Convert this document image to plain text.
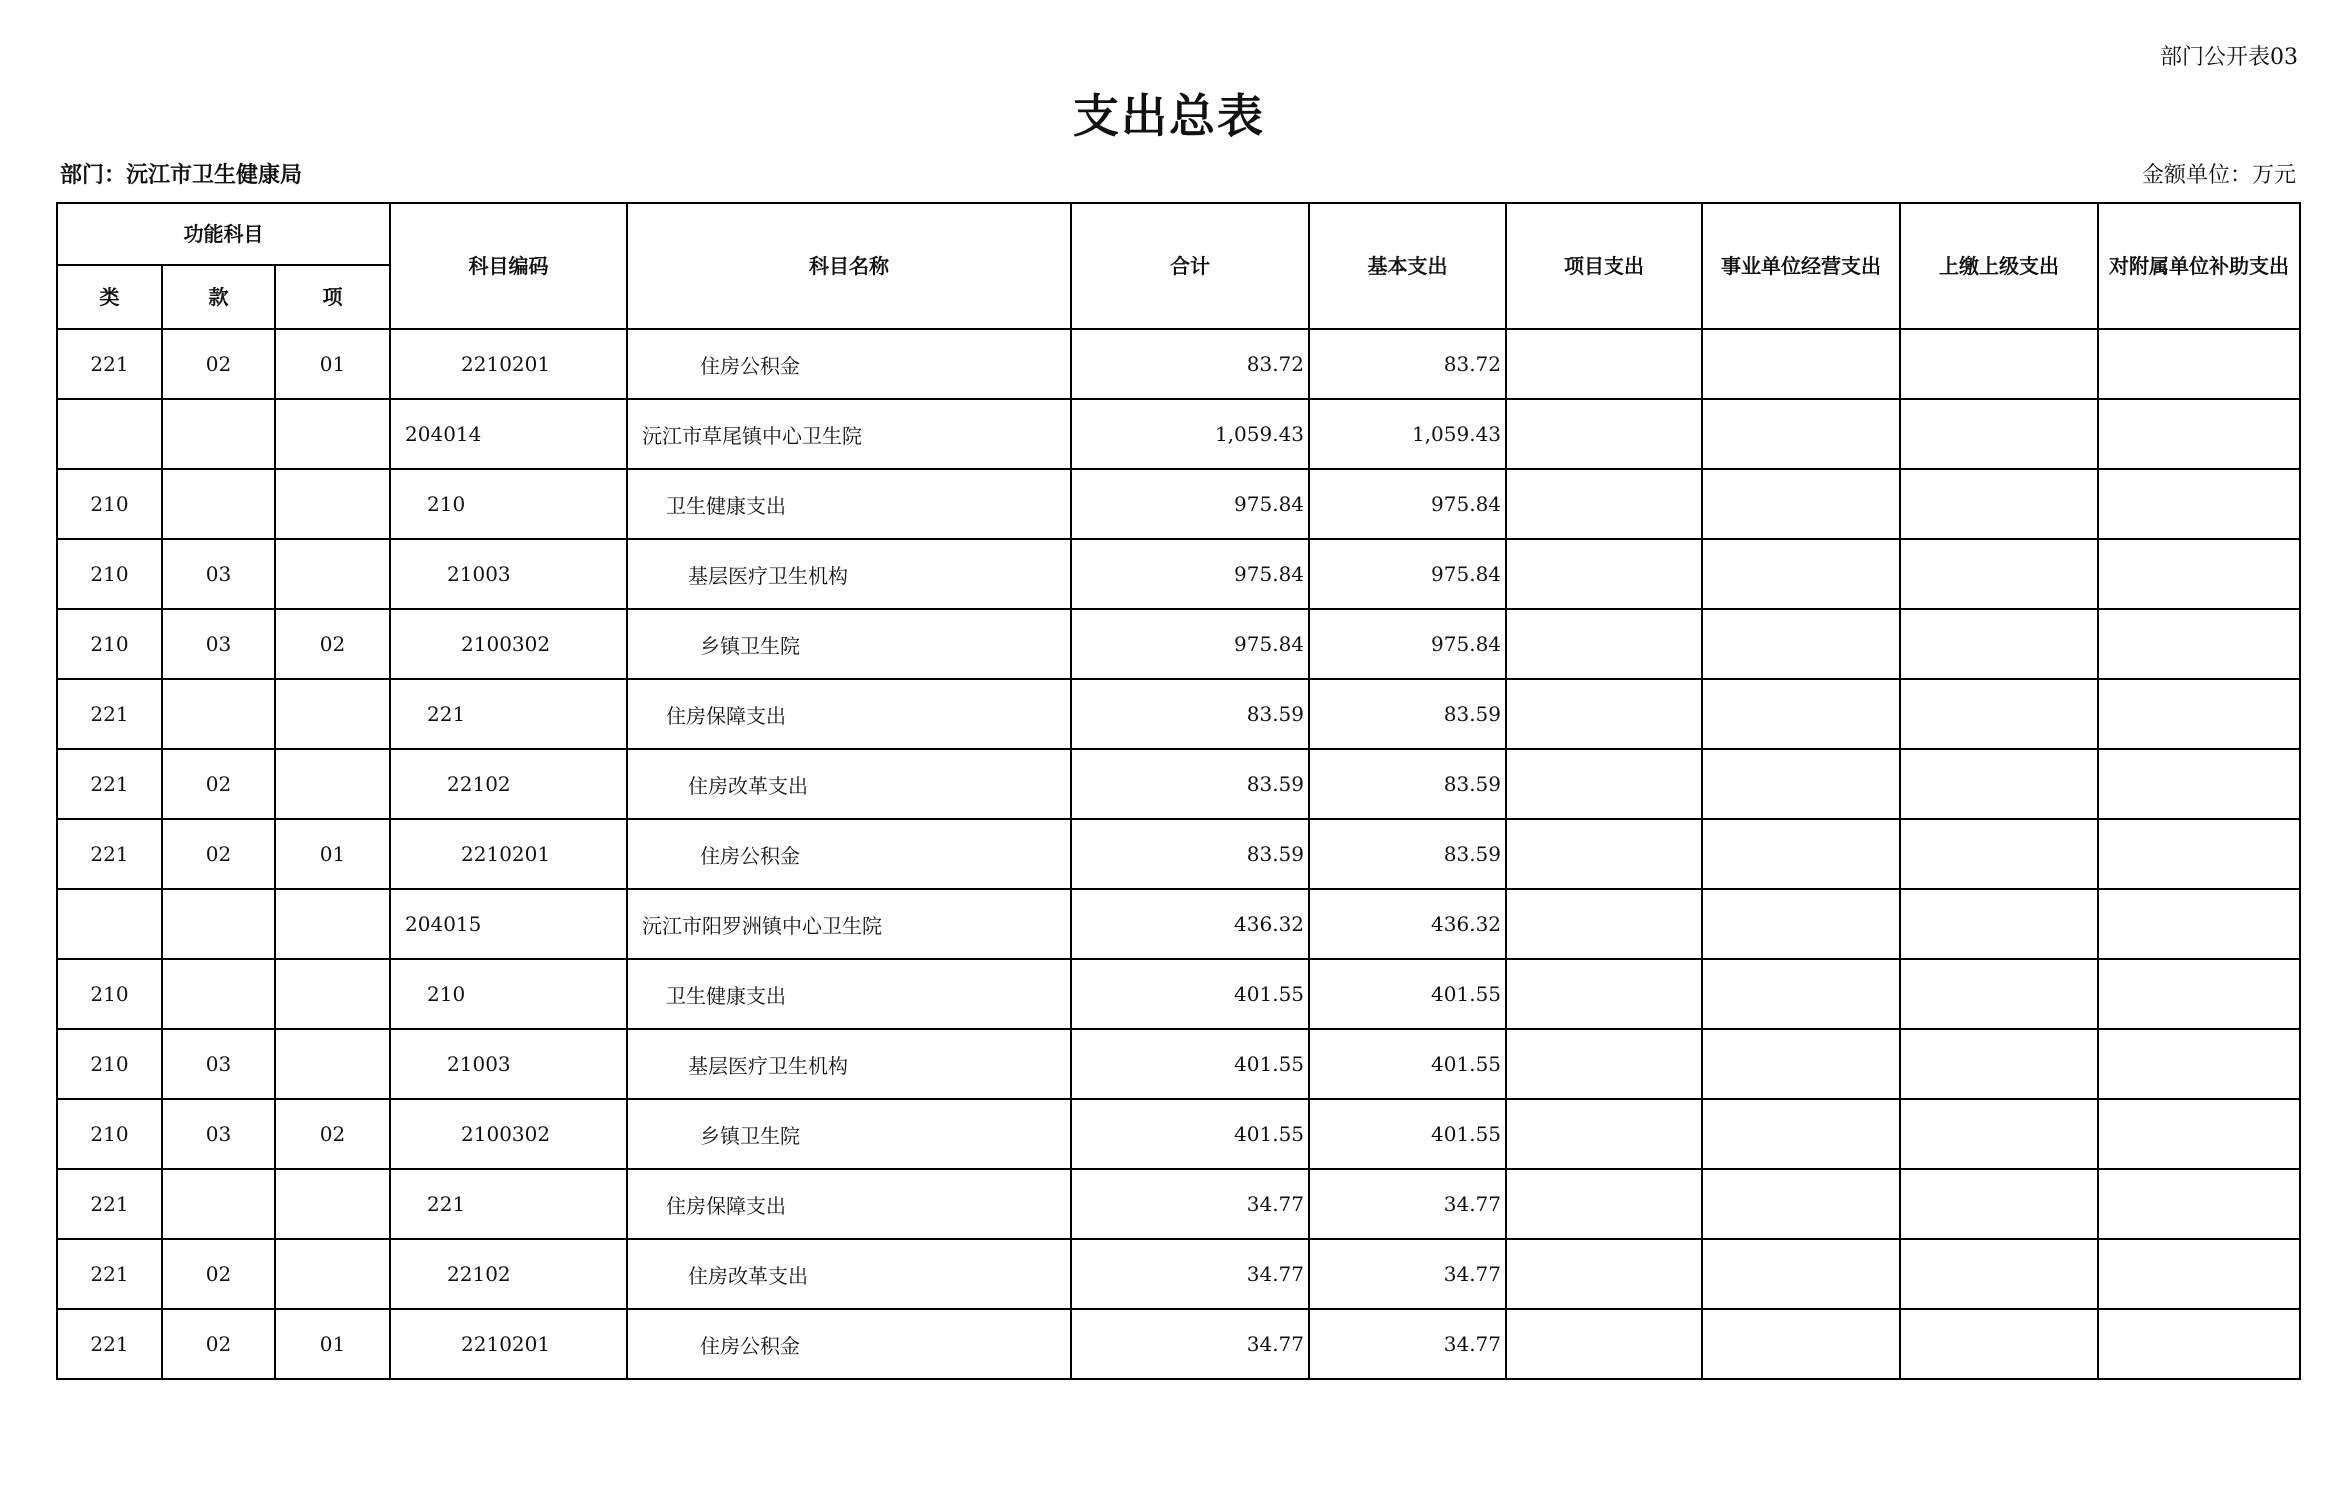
部门公开表03
支出总表
部门：沅江市卫生健康局	金额单位：万元
功能科目			科目编码	科目名称	合计	基本支出	项目支出	事业单位经营支出	上缴上级支出	对附属单位补助支出
类	款	项								
221	02	01	2210201	住房公积金	83.72	83.72				
			204014	沅江市草尾镇中心卫生院	1,059.43	1,059.43				
210			210	卫生健康支出	975.84	975.84				
210	03		21003	基层医疗卫生机构	975.84	975.84				
210	03	02	2100302	乡镇卫生院	975.84	975.84				
221			221	住房保障支出	83.59	83.59				
221	02		22102	住房改革支出	83.59	83.59				
221	02	01	2210201	住房公积金	83.59	83.59				
			204015	沅江市阳罗洲镇中心卫生院	436.32	436.32				
210			210	卫生健康支出	401.55	401.55				
210	03		21003	基层医疗卫生机构	401.55	401.55				
210	03	02	2100302	乡镇卫生院	401.55	401.55				
221			221	住房保障支出	34.77	34.77				
221	02		22102	住房改革支出	34.77	34.77				
221	02	01	2210201	住房公积金	34.77	34.77				
